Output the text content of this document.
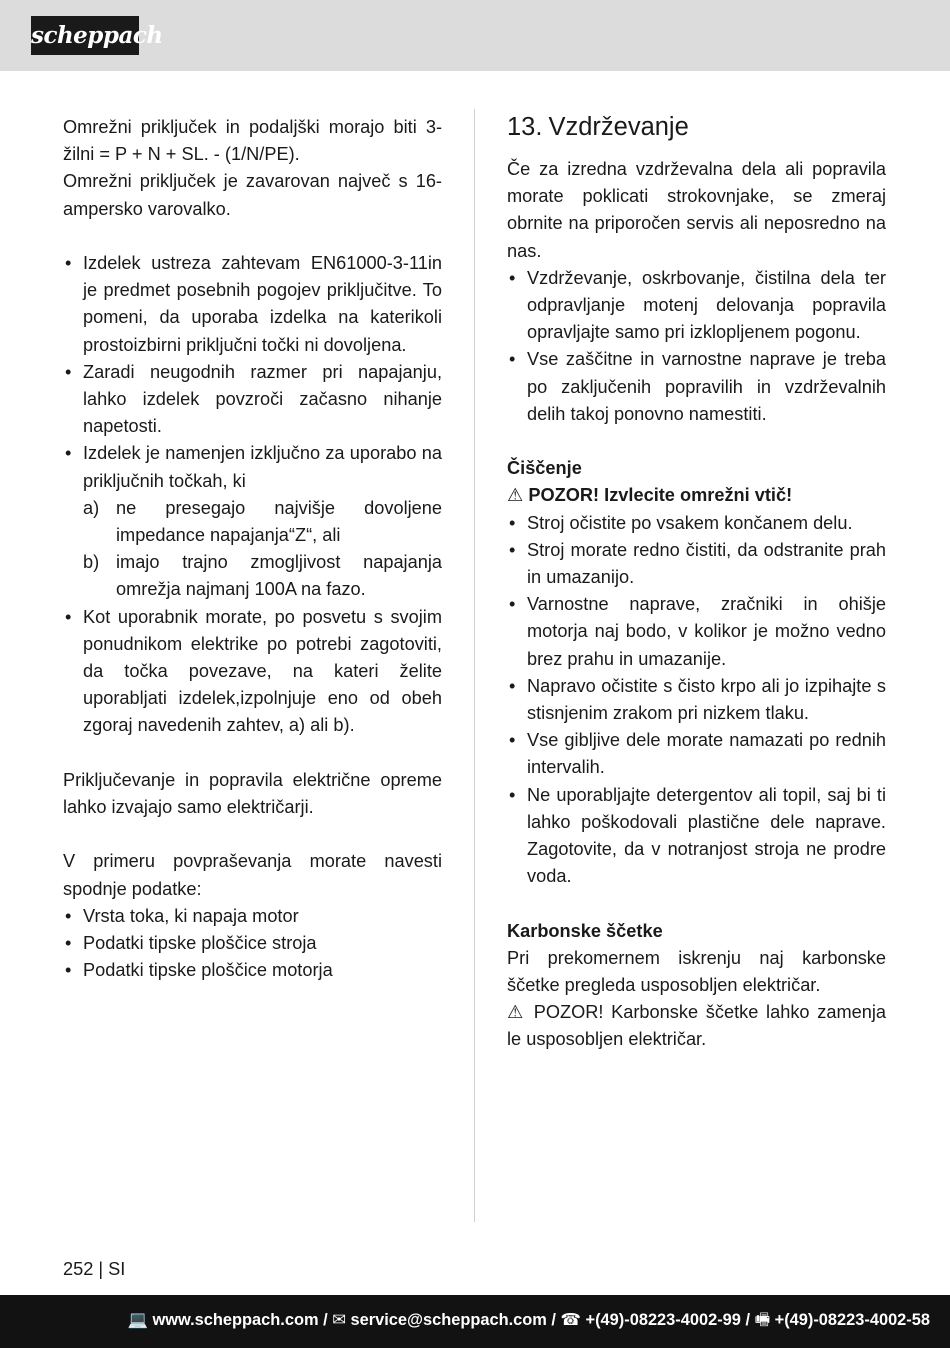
scheppach

Omrežni priključek in podaljški morajo biti 3-žilni = P + N + SL. - (1/N/PE).

Omrežni priključek je zavarovan največ s 16-ampersko varovalko.

• Izdelek ustreza zahtevam EN61000-3-11in je predmet posebnih pogojev priključitve. To pomeni, da uporaba izdelka na katerikoli prostoizbirni priključni točki ni dovoljena.
• Zaradi neugodnih razmer pri napajanju, lahko izdelek povzroči začasno nihanje napetosti.
• Izdelek je namenjen izključno za uporabo na priključnih točkah, ki
a) ne presegajo najvišje dovoljene impedance napajanja“Z“, ali
b) imajo trajno zmogljivost napajanja omrežja najmanj 100A na fazo.
• Kot uporabnik morate, po posvetu s svojim ponudnikom elektrike po potrebi zagotoviti, da točka povezave, na kateri želite uporabljati izdelek,izpolnjuje eno od obeh zgoraj navedenih zahtev, a) ali b).

Priključevanje in popravila električne opreme lahko izvajajo samo električarji.

V primeru povpraševanja morate navesti spodnje podatke:

• Vrsta toka, ki napaja motor
• Podatki tipske ploščice stroja
• Podatki tipske ploščice motorja
13. Vzdrževanje

Če za izredna vzdrževalna dela ali popravila morate poklicati strokovnjake, se zmeraj obrnite na priporočen servis ali neposredno na nas.

• Vzdrževanje, oskrbovanje, čistilna dela ter odpravljanje motenj delovanja popravila opravljajte samo pri izklopljenem pogonu.
• Vse zaščitne in varnostne naprave je treba po zaključenih popravilih in vzdrževalnih delih takoj ponovno namestiti.

Čiščenje

⚠ POZOR! Izvlecite omrežni vtič!

• Stroj očistite po vsakem končanem delu.
• Stroj morate redno čistiti, da odstranite prah in umazanijo.
• Varnostne naprave, zračniki in ohišje motorja naj bodo, v kolikor je možno vedno brez prahu in umazanije.
• Napravo očistite s čisto krpo ali jo izpihajte s stisnjenim zrakom pri nizkem tlaku.
• Vse gibljive dele morate namazati po rednih intervalih.
• Ne uporabljajte detergentov ali topil, saj bi ti lahko poškodovali plastične dele naprave. Zagotovite, da v notranjost stroja ne prodre voda.

Karbonske ščetke

Pri prekomernem iskrenju naj karbonske ščetke pregleda usposobljen električar.

⚠ POZOR! Karbonske ščetke lahko zamenja le usposobljen električar.

252 | SI
💻 www.scheppach.com / ✉ service@scheppach.com / ☎ +(49)-08223-4002-99 / 🖷 +(49)-08223-4002-58
